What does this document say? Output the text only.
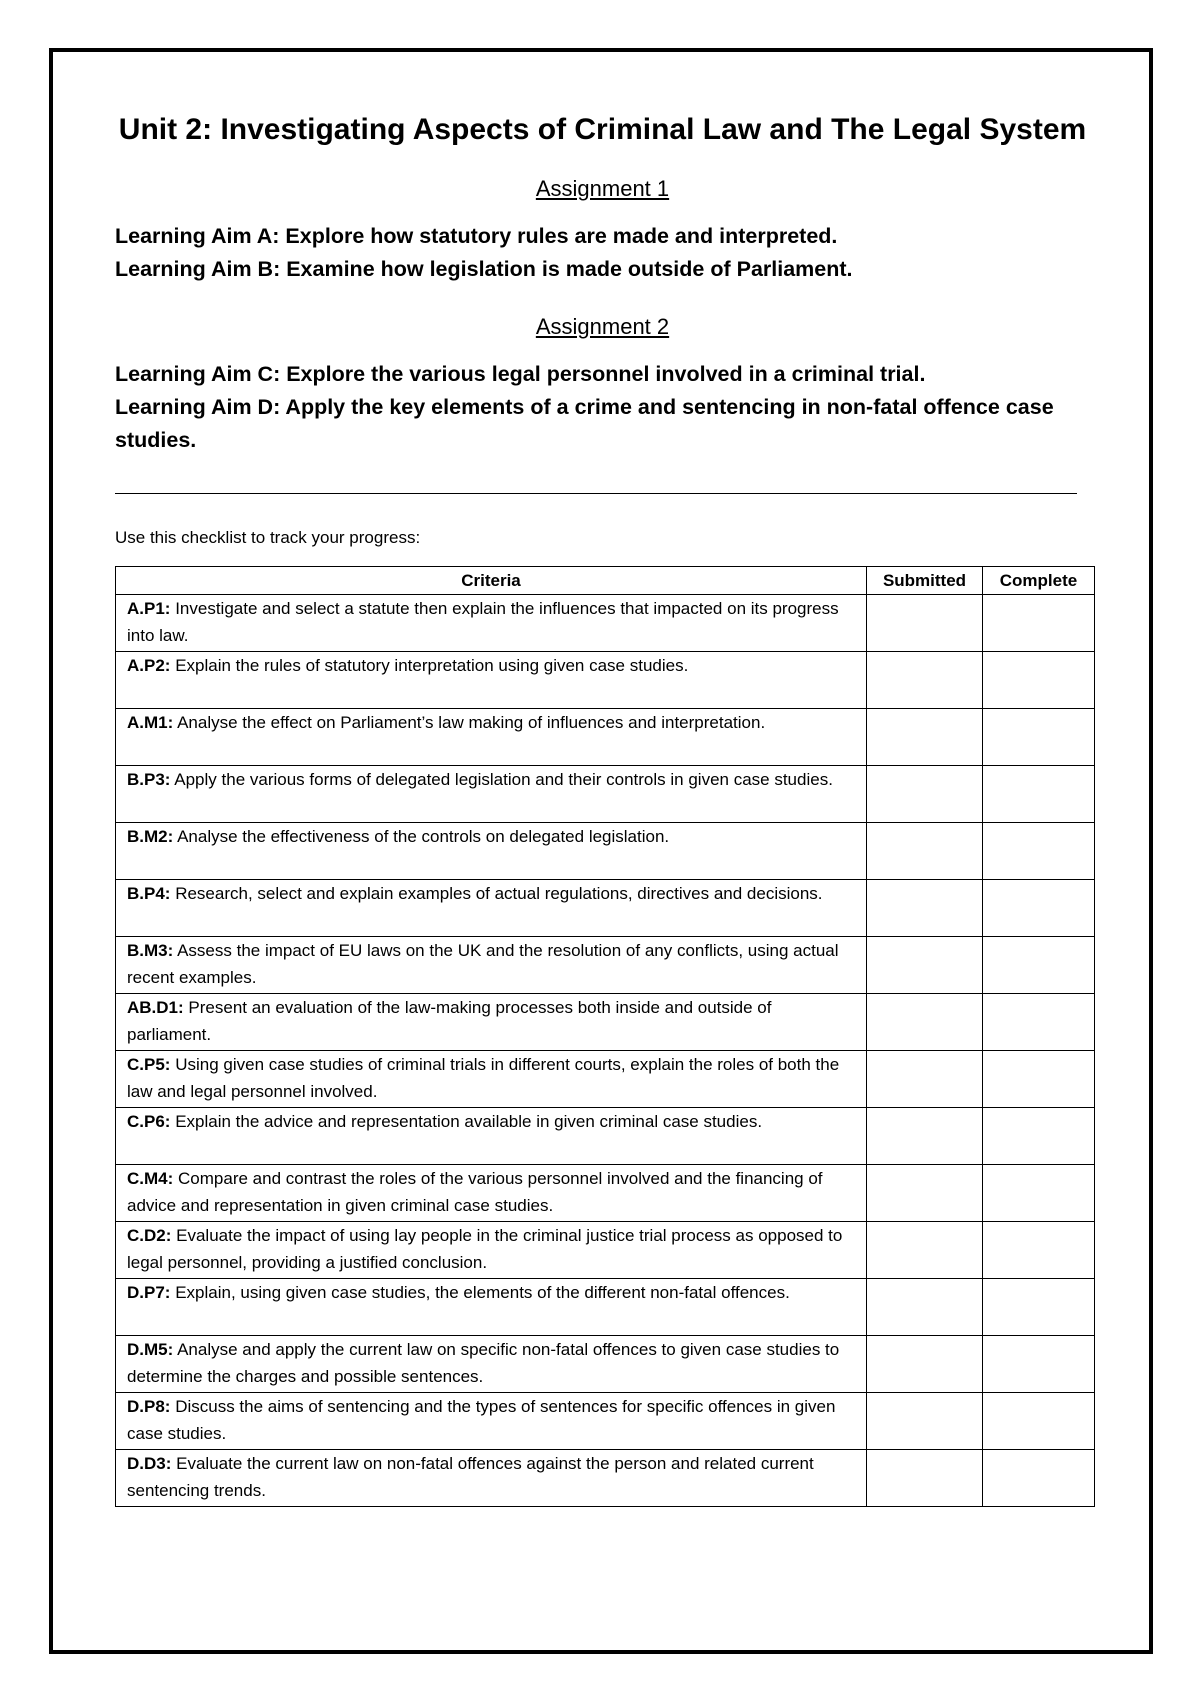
Unit 2: Investigating Aspects of Criminal Law and The Legal System

Assignment 1

Learning Aim A: Explore how statutory rules are made and interpreted.

Learning Aim B: Examine how legislation is made outside of Parliament.

Assignment 2

Learning Aim C: Explore the various legal personnel involved in a criminal trial.

Learning Aim D: Apply the key elements of a crime and sentencing in non-fatal offence case studies.

Use this checklist to track your progress:

Criteria	Submitted	Complete
A.P1: Investigate and select a statute then explain the influences that impacted on its progress into law.		
A.P2: Explain the rules of statutory interpretation using given case studies.		
A.M1: Analyse the effect on Parliament’s law making of influences and interpretation.		
B.P3: Apply the various forms of delegated legislation and their controls in given case studies.		
B.M2: Analyse the effectiveness of the controls on delegated legislation.		
B.P4: Research, select and explain examples of actual regulations, directives and decisions.		
B.M3: Assess the impact of EU laws on the UK and the resolution of any conflicts, using actual recent examples.		
AB.D1: Present an evaluation of the law-making processes both inside and outside of parliament.		
C.P5: Using given case studies of criminal trials in different courts, explain the roles of both the law and legal personnel involved.		
C.P6: Explain the advice and representation available in given criminal case studies.		
C.M4: Compare and contrast the roles of the various personnel involved and the financing of advice and representation in given criminal case studies.		
C.D2: Evaluate the impact of using lay people in the criminal justice trial process as opposed to legal personnel, providing a justified conclusion.		
D.P7: Explain, using given case studies, the elements of the different non-fatal offences.		
D.M5: Analyse and apply the current law on specific non-fatal offences to given case studies to determine the charges and possible sentences.		
D.P8: Discuss the aims of sentencing and the types of sentences for specific offences in given case studies.		
D.D3: Evaluate the current law on non-fatal offences against the person and related current sentencing trends.		
